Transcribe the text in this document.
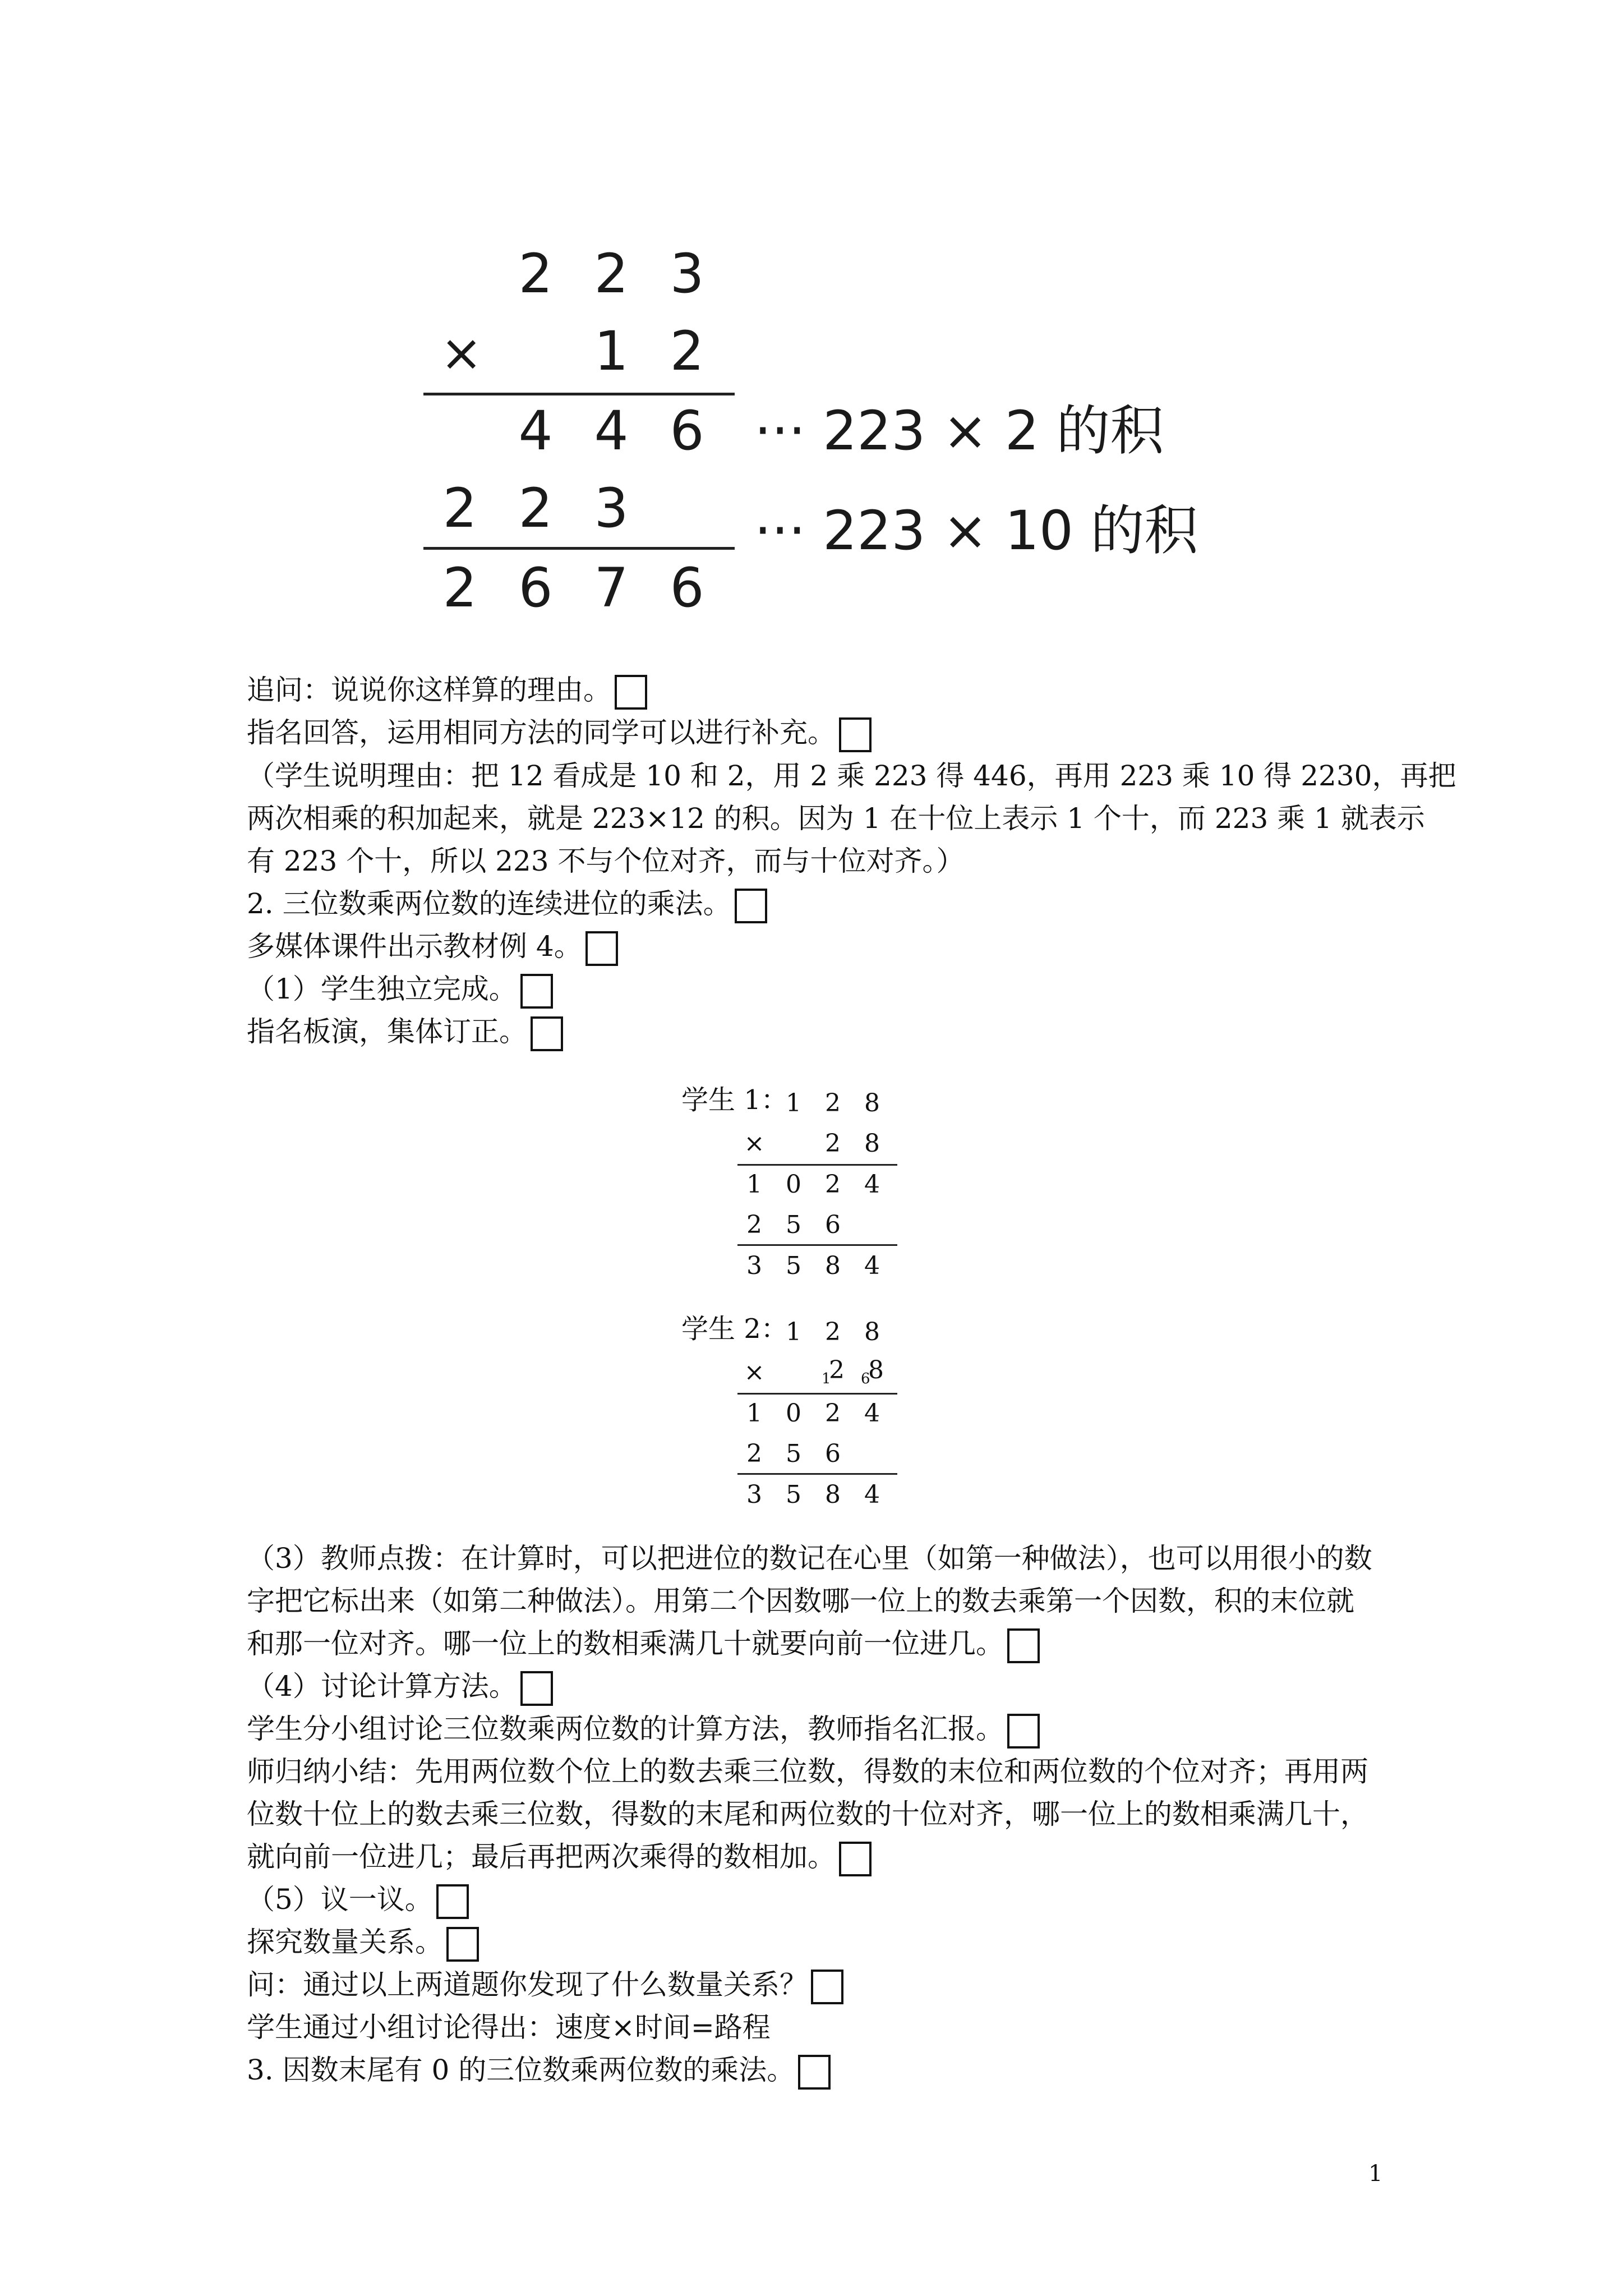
2 2 3
× 1 2
4 4 6 ··· 223 × 2 的积
2 2 3 ··· 223 × 10 的积
2 6 7 6
追问：说说你这样算的理由。
指名回答，运用相同方法的同学可以进行补充。
（学生说明理由：把 12 看成是 10 和 2，用 2 乘 223 得 446，再用 223 乘 10 得 2230，再把
两次相乘的积加起来，就是 223×12 的积。因为 1 在十位上表示 1 个十，而 223 乘 1 就表示
有 223 个十，所以 223 不与个位对齐，而与十位对齐。）
2. 三位数乘两位数的连续进位的乘法。
多媒体课件出示教材例 4。
（1）学生独立完成。
指名板演，集体订正。
学生 1：
1 2 8
× 2 8
1 0 2 4
2 5 6
3 5 8 4
学生 2：
1 2 8
×	1
2	6
8
1 0 2 4
2 5 6
3 5 8 4
（3）教师点拨：在计算时，可以把进位的数记在心里（如第一种做法），也可以用很小的数
字把它标出来（如第二种做法）。用第二个因数哪一位上的数去乘第一个因数，积的末位就
和那一位对齐。哪一位上的数相乘满几十就要向前一位进几。
（4）讨论计算方法。
学生分小组讨论三位数乘两位数的计算方法，教师指名汇报。
师归纳小结：先用两位数个位上的数去乘三位数，得数的末位和两位数的个位对齐；再用两
位数十位上的数去乘三位数，得数的末尾和两位数的十位对齐，哪一位上的数相乘满几十，
就向前一位进几；最后再把两次乘得的数相加。
（5）议一议。
探究数量关系。
问：通过以上两道题你发现了什么数量关系？
学生通过小组讨论得出：速度×时间=路程
3. 因数末尾有 0 的三位数乘两位数的乘法。
1
